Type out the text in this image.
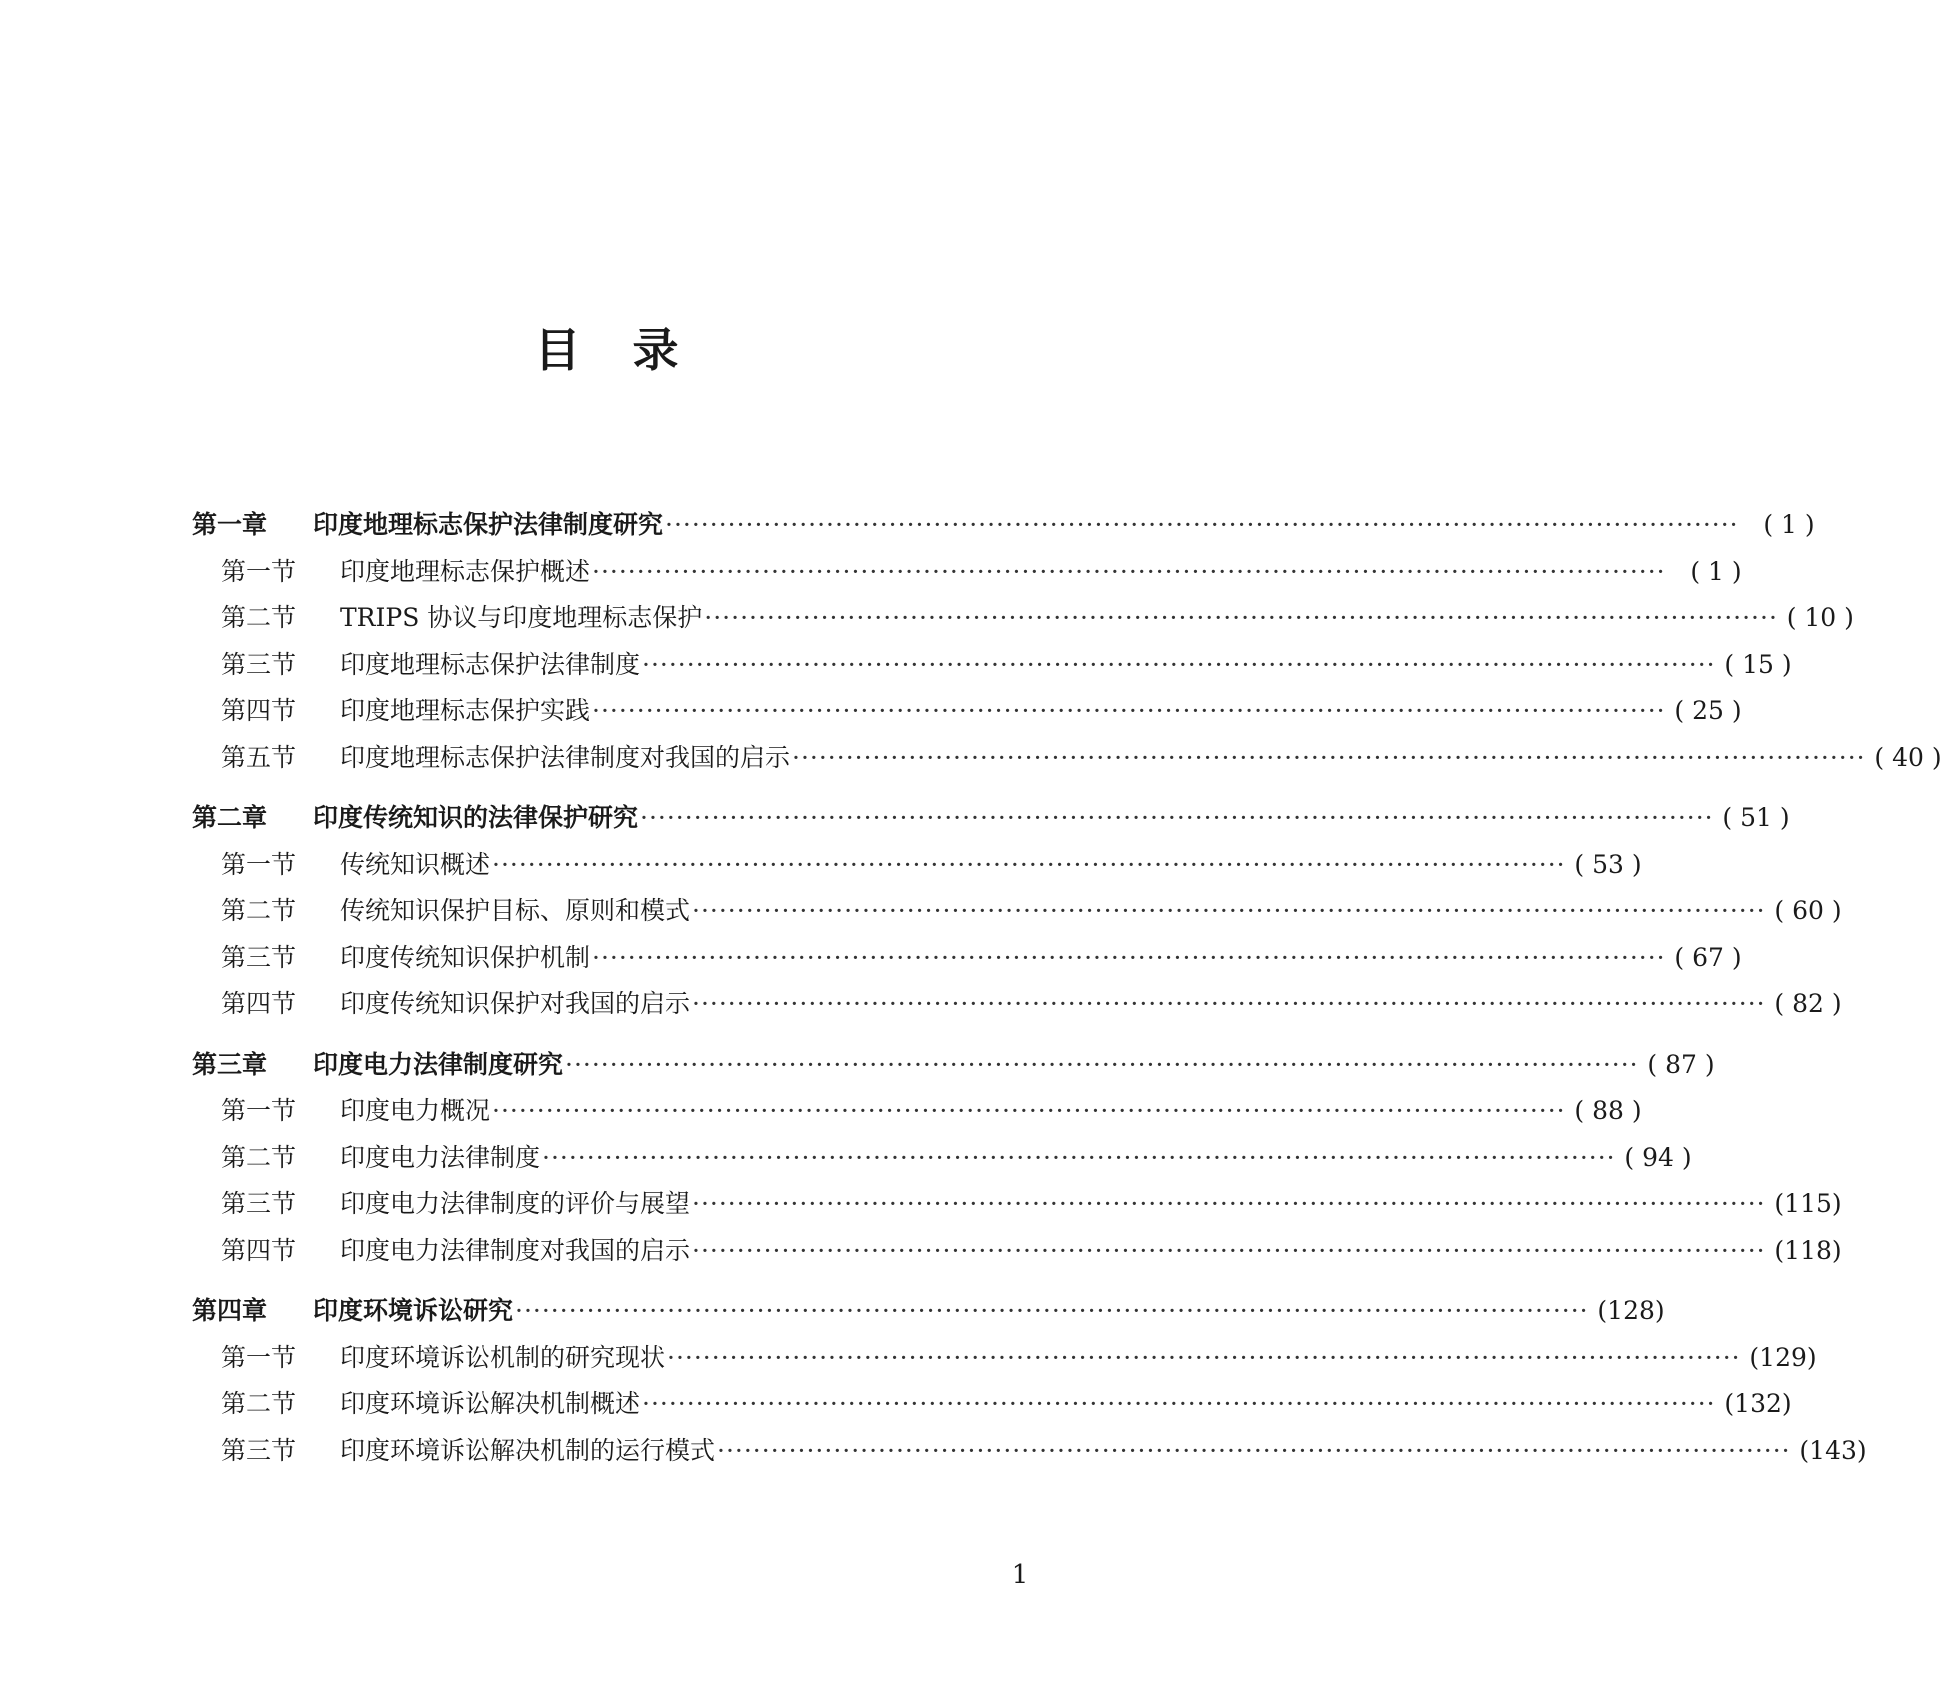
目录
第一章	印度地理标志保护法律制度研究 ························································································································ ( 1 )
第一节	印度地理标志保护概述 ························································································································ ( 1 )
第二节	TRIPS 协议与印度地理标志保护 ························································································································ ( 10 )
第三节	印度地理标志保护法律制度 ························································································································ ( 15 )
第四节	印度地理标志保护实践 ························································································································ ( 25 )
第五节	印度地理标志保护法律制度对我国的启示 ························································································································ ( 40 )
第二章	印度传统知识的法律保护研究 ························································································································ ( 51 )
第一节	传统知识概述 ························································································································ ( 53 )
第二节	传统知识保护目标、原则和模式 ························································································································ ( 60 )
第三节	印度传统知识保护机制 ························································································································ ( 67 )
第四节	印度传统知识保护对我国的启示 ························································································································ ( 82 )
第三章	印度电力法律制度研究 ························································································································ ( 87 )
第一节	印度电力概况 ························································································································ ( 88 )
第二节	印度电力法律制度 ························································································································ ( 94 )
第三节	印度电力法律制度的评价与展望 ························································································································ (115)
第四节	印度电力法律制度对我国的启示 ························································································································ (118)
第四章	印度环境诉讼研究 ························································································································ (128)
第一节	印度环境诉讼机制的研究现状 ························································································································ (129)
第二节	印度环境诉讼解决机制概述 ························································································································ (132)
第三节	印度环境诉讼解决机制的运行模式 ························································································································ (143)
1
